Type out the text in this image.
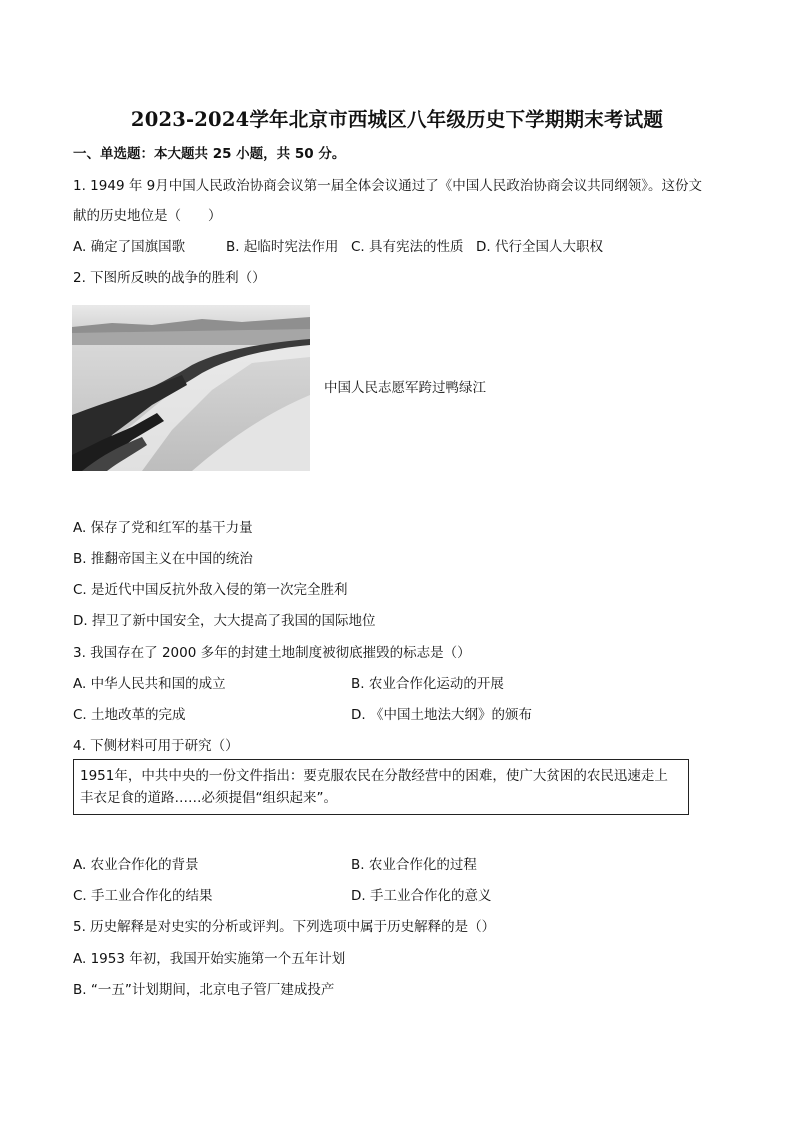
2023-2024学年北京市西城区八年级历史下学期期末考试题
一、单选题：本大题共 25 小题，共 50 分。
1. 1949 年 9月中国人民政治协商会议第一届全体会议通过了《中国人民政治协商会议共同纲领》。这份文
献的历史地位是（　　）
A. 确定了国旗国歌	B. 起临时宪法作用 C. 具有宪法的性质 D. 代行全国人大职权
2. 下图所反映的战争的胜利（）
中国人民志愿军跨过鸭绿江
A. 保存了党和红军的基干力量
B. 推翻帝国主义在中国的统治
C. 是近代中国反抗外敌入侵的第一次完全胜利
D. 捍卫了新中国安全，大大提高了我国的国际地位
3. 我国存在了 2000 多年的封建土地制度被彻底摧毁的标志是（）
A. 中华人民共和国的成立	B. 农业合作化运动的开展
C. 土地改革的完成	D. 《中国土地法大纲》的颁布
4. 下侧材料可用于研究（）
1951年，中共中央的一份文件指出：要克服农民在分散经营中的困难，使广大贫困的农民迅速走上
丰衣足食的道路……必须提倡“组织起来”。
A. 农业合作化的背景	B. 农业合作化的过程
C. 手工业合作化的结果	D. 手工业合作化的意义
5. 历史解释是对史实的分析或评判。下列选项中属于历史解释的是（）
A. 1953 年初，我国开始实施第一个五年计划
B. “一五”计划期间，北京电子管厂建成投产
